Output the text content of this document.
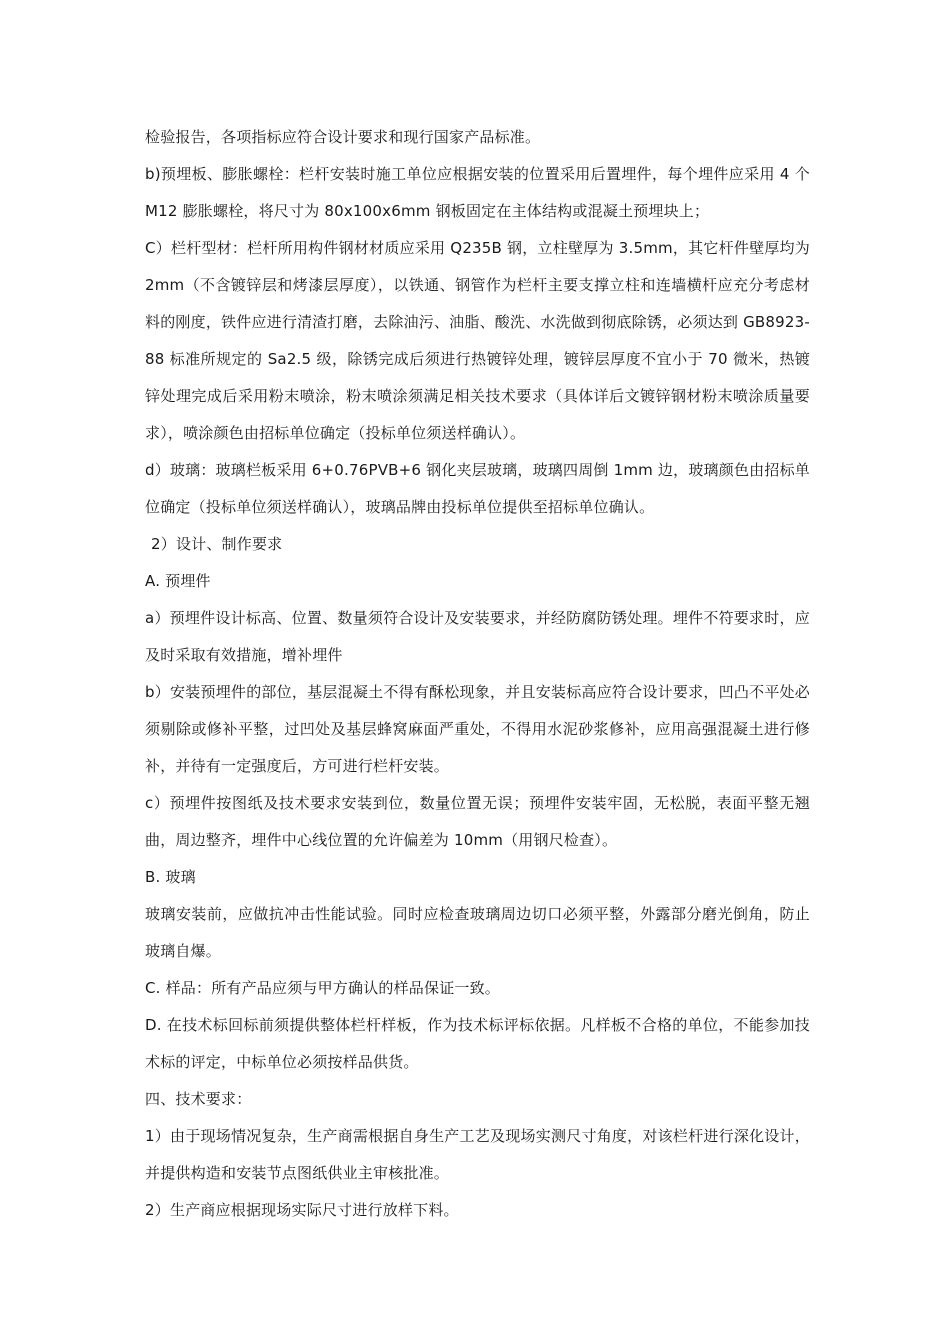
检验报告，各项指标应符合设计要求和现行国家产品标准。

b)预埋板、膨胀螺栓：栏杆安装时施工单位应根据安装的位置采用后置埋件，每个埋件应采用 4 个 M12 膨胀螺栓，将尺寸为 80x100x6mm 钢板固定在主体结构或混凝土预埋块上；

C）栏杆型材：栏杆所用构件钢材材质应采用 Q235B 钢，立柱壁厚为 3.5mm，其它杆件壁厚均为 2mm（不含镀锌层和烤漆层厚度），以铁通、钢管作为栏杆主要支撑立柱和连墙横杆应充分考虑材料的刚度，铁件应进行清渣打磨，去除油污、油脂、酸洗、水洗做到彻底除锈，必须达到 GB8923-88 标准所规定的 Sa2.5 级，除锈完成后须进行热镀锌处理，镀锌层厚度不宜小于 70 微米，热镀锌处理完成后采用粉末喷涂，粉末喷涂须满足相关技术要求（具体详后文镀锌钢材粉末喷涂质量要求），喷涂颜色由招标单位确定（投标单位须送样确认）。

d）玻璃：玻璃栏板采用 6+0.76PVB+6 钢化夹层玻璃，玻璃四周倒 1mm 边，玻璃颜色由招标单位确定（投标单位须送样确认），玻璃品牌由投标单位提供至招标单位确认。

2）设计、制作要求

A. 预埋件

a）预埋件设计标高、位置、数量须符合设计及安装要求，并经防腐防锈处理。埋件不符要求时，应及时采取有效措施，增补埋件

b）安装预埋件的部位，基层混凝土不得有酥松现象，并且安装标高应符合设计要求，凹凸不平处必须剔除或修补平整，过凹处及基层蜂窝麻面严重处，不得用水泥砂浆修补，应用高强混凝土进行修补，并待有一定强度后，方可进行栏杆安装。

c）预埋件按图纸及技术要求安装到位，数量位置无误；预埋件安装牢固，无松脱，表面平整无翘曲，周边整齐，埋件中心线位置的允许偏差为 10mm（用钢尺检查）。

B. 玻璃

玻璃安装前，应做抗冲击性能试验。同时应检查玻璃周边切口必须平整，外露部分磨光倒角，防止玻璃自爆。

C. 样品：所有产品应须与甲方确认的样品保证一致。

D. 在技术标回标前须提供整体栏杆样板，作为技术标评标依据。凡样板不合格的单位，不能参加技术标的评定，中标单位必须按样品供货。

四、技术要求：

1）由于现场情况复杂，生产商需根据自身生产工艺及现场实测尺寸角度，对该栏杆进行深化设计，并提供构造和安装节点图纸供业主审核批准。

2）生产商应根据现场实际尺寸进行放样下料。
